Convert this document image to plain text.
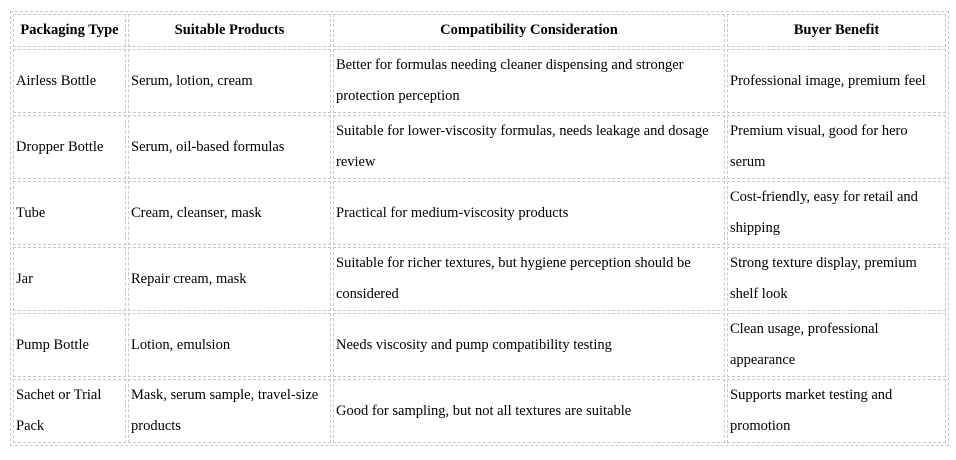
Packaging Type	Suitable Products	Compatibility Consideration	Buyer Benefit
Airless Bottle	Serum, lotion, cream	Better for formulas needing cleaner dispensing and stronger protection perception	Professional image, premium feel
Dropper Bottle	Serum, oil-based formulas	Suitable for lower-viscosity formulas, needs leakage and dosage review	Premium visual, good for hero serum
Tube	Cream, cleanser, mask	Practical for medium-viscosity products	Cost-friendly, easy for retail and shipping
Jar	Repair cream, mask	Suitable for richer textures, but hygiene perception should be considered	Strong texture display, premium shelf look
Pump Bottle	Lotion, emulsion	Needs viscosity and pump compatibility testing	Clean usage, professional appearance
Sachet or Trial Pack	Mask, serum sample, travel-size products	Good for sampling, but not all textures are suitable	Supports market testing and promotion
